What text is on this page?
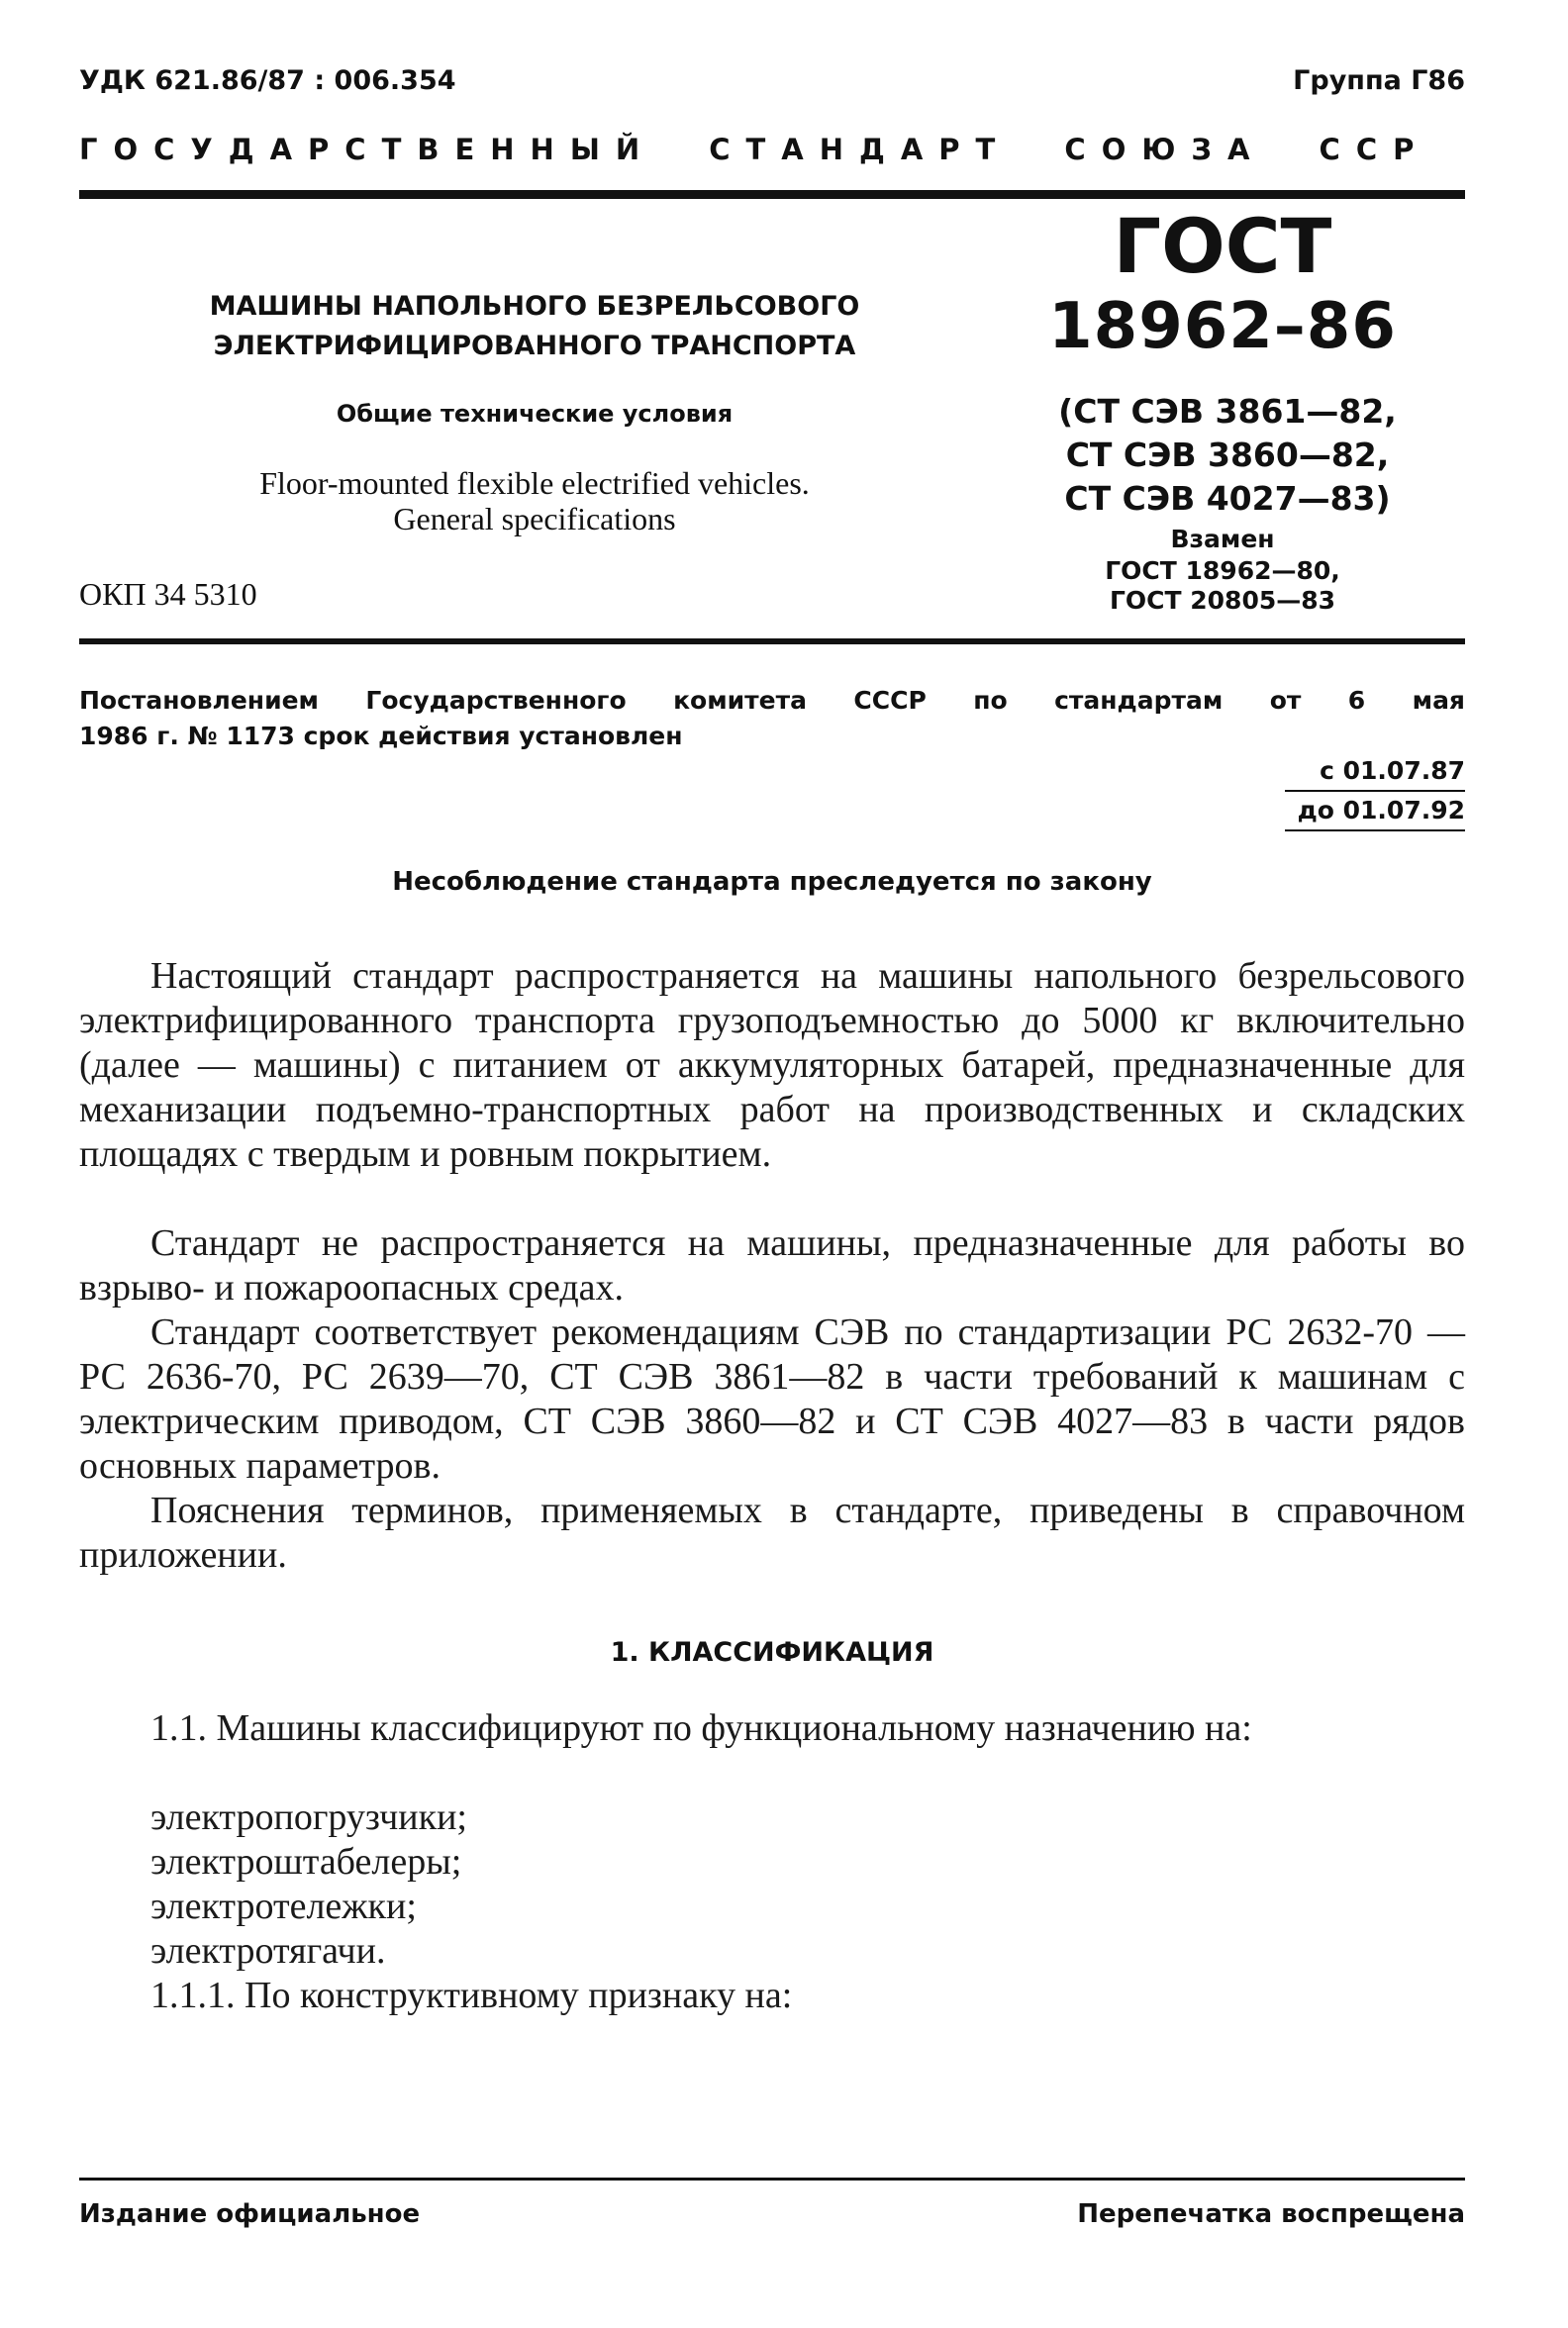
УДК 621.86/87 : 006.354	Группа Г86
ГОСУДАРСТВЕННЫЙ СТАНДАРТ СОЮЗА ССР
МАШИНЫ НАПОЛЬНОГО БЕЗРЕЛЬСОВОГО
ЭЛЕКТРИФИЦИРОВАННОГО ТРАНСПОРТА
Общие технические условия
Floor-mounted flexible electrified vehicles.
General specifications
ОКП 34 5310
ГОСТ
18962–86
(СТ СЭВ 3861—82,
СТ СЭВ 3860—82,
СТ СЭВ 4027—83)
Взамен
ГОСТ 18962—80,
ГОСТ 20805—83
Постановлением Государственного комитета СССР по стандартам от 6 мая
1986 г. № 1173 срок действия установлен
с 01.07.87
до 01.07.92
Несоблюдение стандарта преследуется по закону
Настоящий стандарт распространяется на машины напольного безрельсового электрифицированного транспорта грузоподъемностью до 5000 кг включительно (далее — машины) с питанием от аккумуляторных батарей, предназначенные для механизации подъемно-транспортных работ на производственных и складских площадях с твердым и ровным покрытием.
Стандарт не распространяется на машины, предназначенные для работы во взрыво- и пожароопасных средах.
Стандарт соответствует рекомендациям СЭВ по стандартизации РС 2632-70 — РС 2636-70, РС 2639—70, СТ СЭВ 3861—82 в части требований к машинам с электрическим приводом, СТ СЭВ 3860—82 и СТ СЭВ 4027—83 в части рядов основных параметров.
Пояснения терминов, применяемых в стандарте, приведены в справочном приложении.
1. КЛАССИФИКАЦИЯ
1.1. Машины классифицируют по функциональному назначению на:
электропогрузчики;
электроштабелеры;
электротележки;
электротягачи.
1.1.1. По конструктивному признаку на:
Издание официальное	Перепечатка воспрещена
